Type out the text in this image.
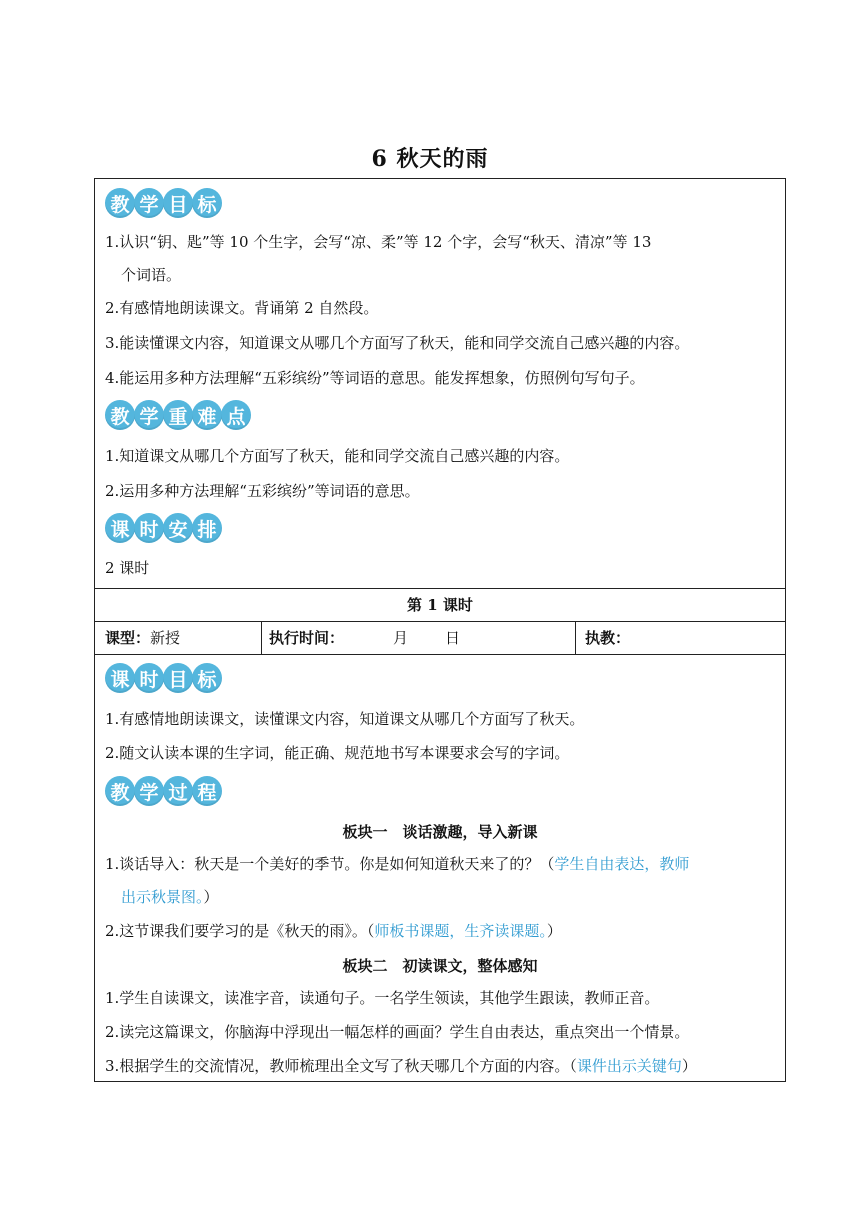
6 秋天的雨
教 学 目 标
1.认识“钥、匙”等 10 个生字，会写“凉、柔”等 12 个字，会写“秋天、清凉”等 13
个词语。
2.有感情地朗读课文。背诵第 2 自然段。
3.能读懂课文内容，知道课文从哪几个方面写了秋天，能和同学交流自己感兴趣的内容。
4.能运用多种方法理解“五彩缤纷”等词语的意思。能发挥想象，仿照例句写句子。
教 学 重 难 点
1.知道课文从哪几个方面写了秋天，能和同学交流自己感兴趣的内容。
2.运用多种方法理解“五彩缤纷”等词语的意思。
课 时 安 排
2 课时
第 1 课时
课型：新授	执行时间：	月 日	执教：
课 时 目 标
1.有感情地朗读课文，读懂课文内容，知道课文从哪几个方面写了秋天。
2.随文认读本课的生字词，能正确、规范地书写本课要求会写的字词。
教 学 过 程
板块一　谈话激趣，导入新课
1.谈话导入：秋天是一个美好的季节。你是如何知道秋天来了的？（学生自由表达，教师
出示秋景图。）
2.这节课我们要学习的是《秋天的雨》。（师板书课题，生齐读课题。）
板块二　初读课文，整体感知
1.学生自读课文，读准字音，读通句子。一名学生领读，其他学生跟读，教师正音。
2.读完这篇课文，你脑海中浮现出一幅怎样的画面？学生自由表达，重点突出一个情景。
3.根据学生的交流情况，教师梳理出全文写了秋天哪几个方面的内容。（课件出示关键句）
